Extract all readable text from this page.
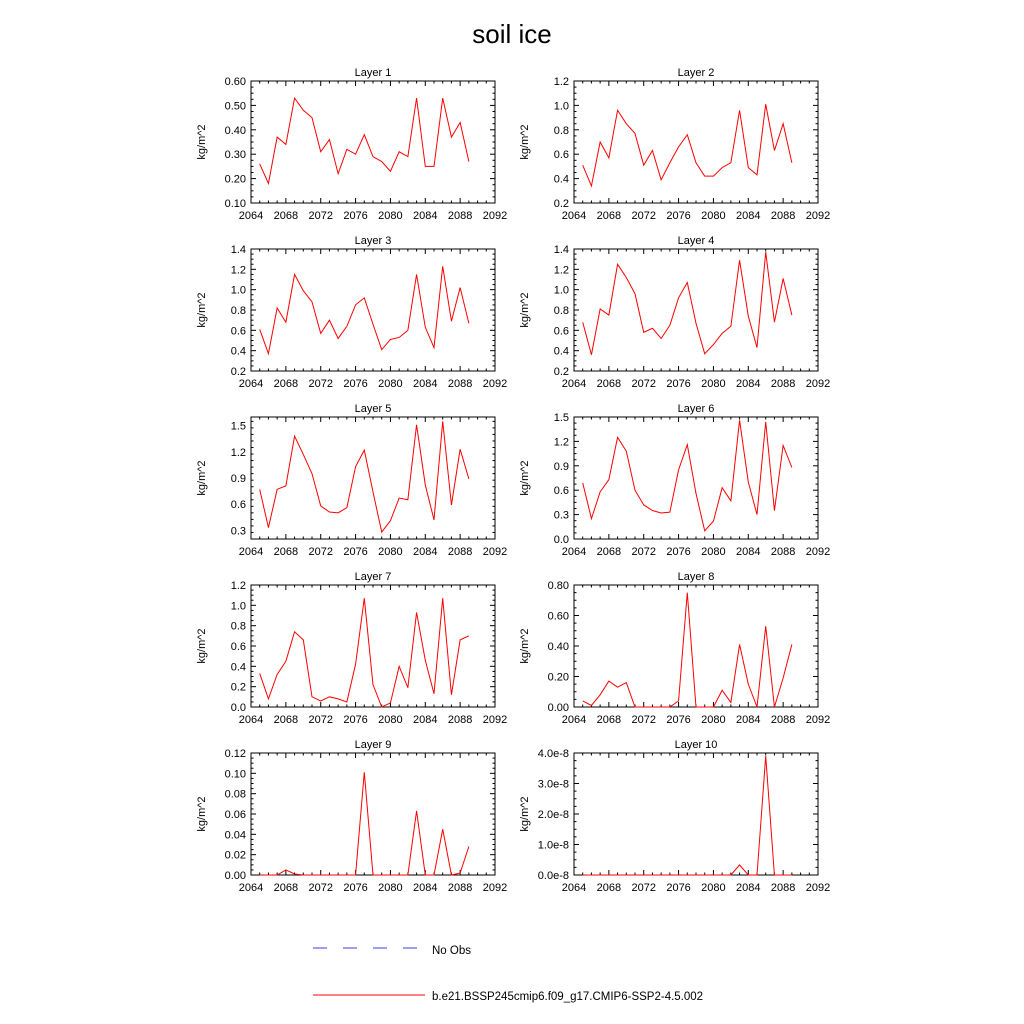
soil ice
Layer 1
kg/m^2
2064 2068 2072 2076 2080 2084 2088 2092
0.10
0.20
0.30
0.40
0.50
0.60
Layer 2
kg/m^2
2064 2068 2072 2076 2080 2084 2088 2092
0.2
0.4
0.6
0.8
1.0
1.2
Layer 3
kg/m^2
2064 2068 2072 2076 2080 2084 2088 2092
0.2
0.4
0.6
0.8
1.0
1.2
1.4
Layer 4
kg/m^2
2064 2068 2072 2076 2080 2084 2088 2092
0.2
0.4
0.6
0.8
1.0
1.2
1.4
Layer 5
kg/m^2
2064 2068 2072 2076 2080 2084 2088 2092
0.3
0.6
0.9
1.2
1.5
Layer 6
kg/m^2
2064 2068 2072 2076 2080 2084 2088 2092
0.0
0.3
0.6
0.9
1.2
1.5
Layer 7
kg/m^2
2064 2068 2072 2076 2080 2084 2088 2092
0.0
0.2
0.4
0.6
0.8
1.0
1.2
Layer 8
kg/m^2
2064 2068 2072 2076 2080 2084 2088 2092
0.00
0.20
0.40
0.60
0.80
Layer 9
kg/m^2
2064 2068 2072 2076 2080 2084 2088 2092
0.00
0.02
0.04
0.06
0.08
0.10
0.12
Layer 10
kg/m^2
2064 2068 2072 2076 2080 2084 2088 2092
0.0e-8
1.0e-8
2.0e-8
3.0e-8
4.0e-8
No Obs
b.e21.BSSP245cmip6.f09_g17.CMIP6-SSP2-4.5.002
